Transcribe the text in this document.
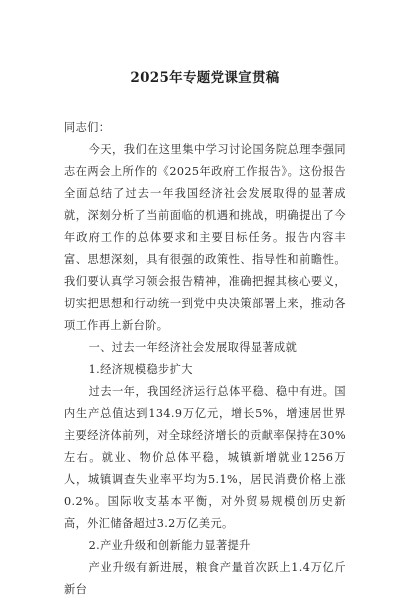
2025年专题党课宣贯稿

同志们：

今天，我们在这里集中学习讨论国务院总理李强同志在两会上所作的《2025年政府工作报告》。这份报告全面总结了过去一年我国经济社会发展取得的显著成就，深刻分析了当前面临的机遇和挑战，明确提出了今年政府工作的总体要求和主要目标任务。报告内容丰富、思想深刻，具有很强的政策性、指导性和前瞻性。我们要认真学习领会报告精神，准确把握其核心要义，切实把思想和行动统一到党中央决策部署上来，推动各项工作再上新台阶。

一、过去一年经济社会发展取得显著成就

1.经济规模稳步扩大

过去一年，我国经济运行总体平稳、稳中有进。国内生产总值达到134.9万亿元，增长5%，增速居世界主要经济体前列，对全球经济增长的贡献率保持在30%左右。就业、物价总体平稳，城镇新增就业1256万人，城镇调查失业率平均为5.1%，居民消费价格上涨0.2%。国际收支基本平衡，对外贸易规模创历史新高，外汇储备超过3.2万亿美元。

2.产业升级和创新能力显著提升

产业升级有新进展，粮食产量首次跃上1.4万亿斤新台
